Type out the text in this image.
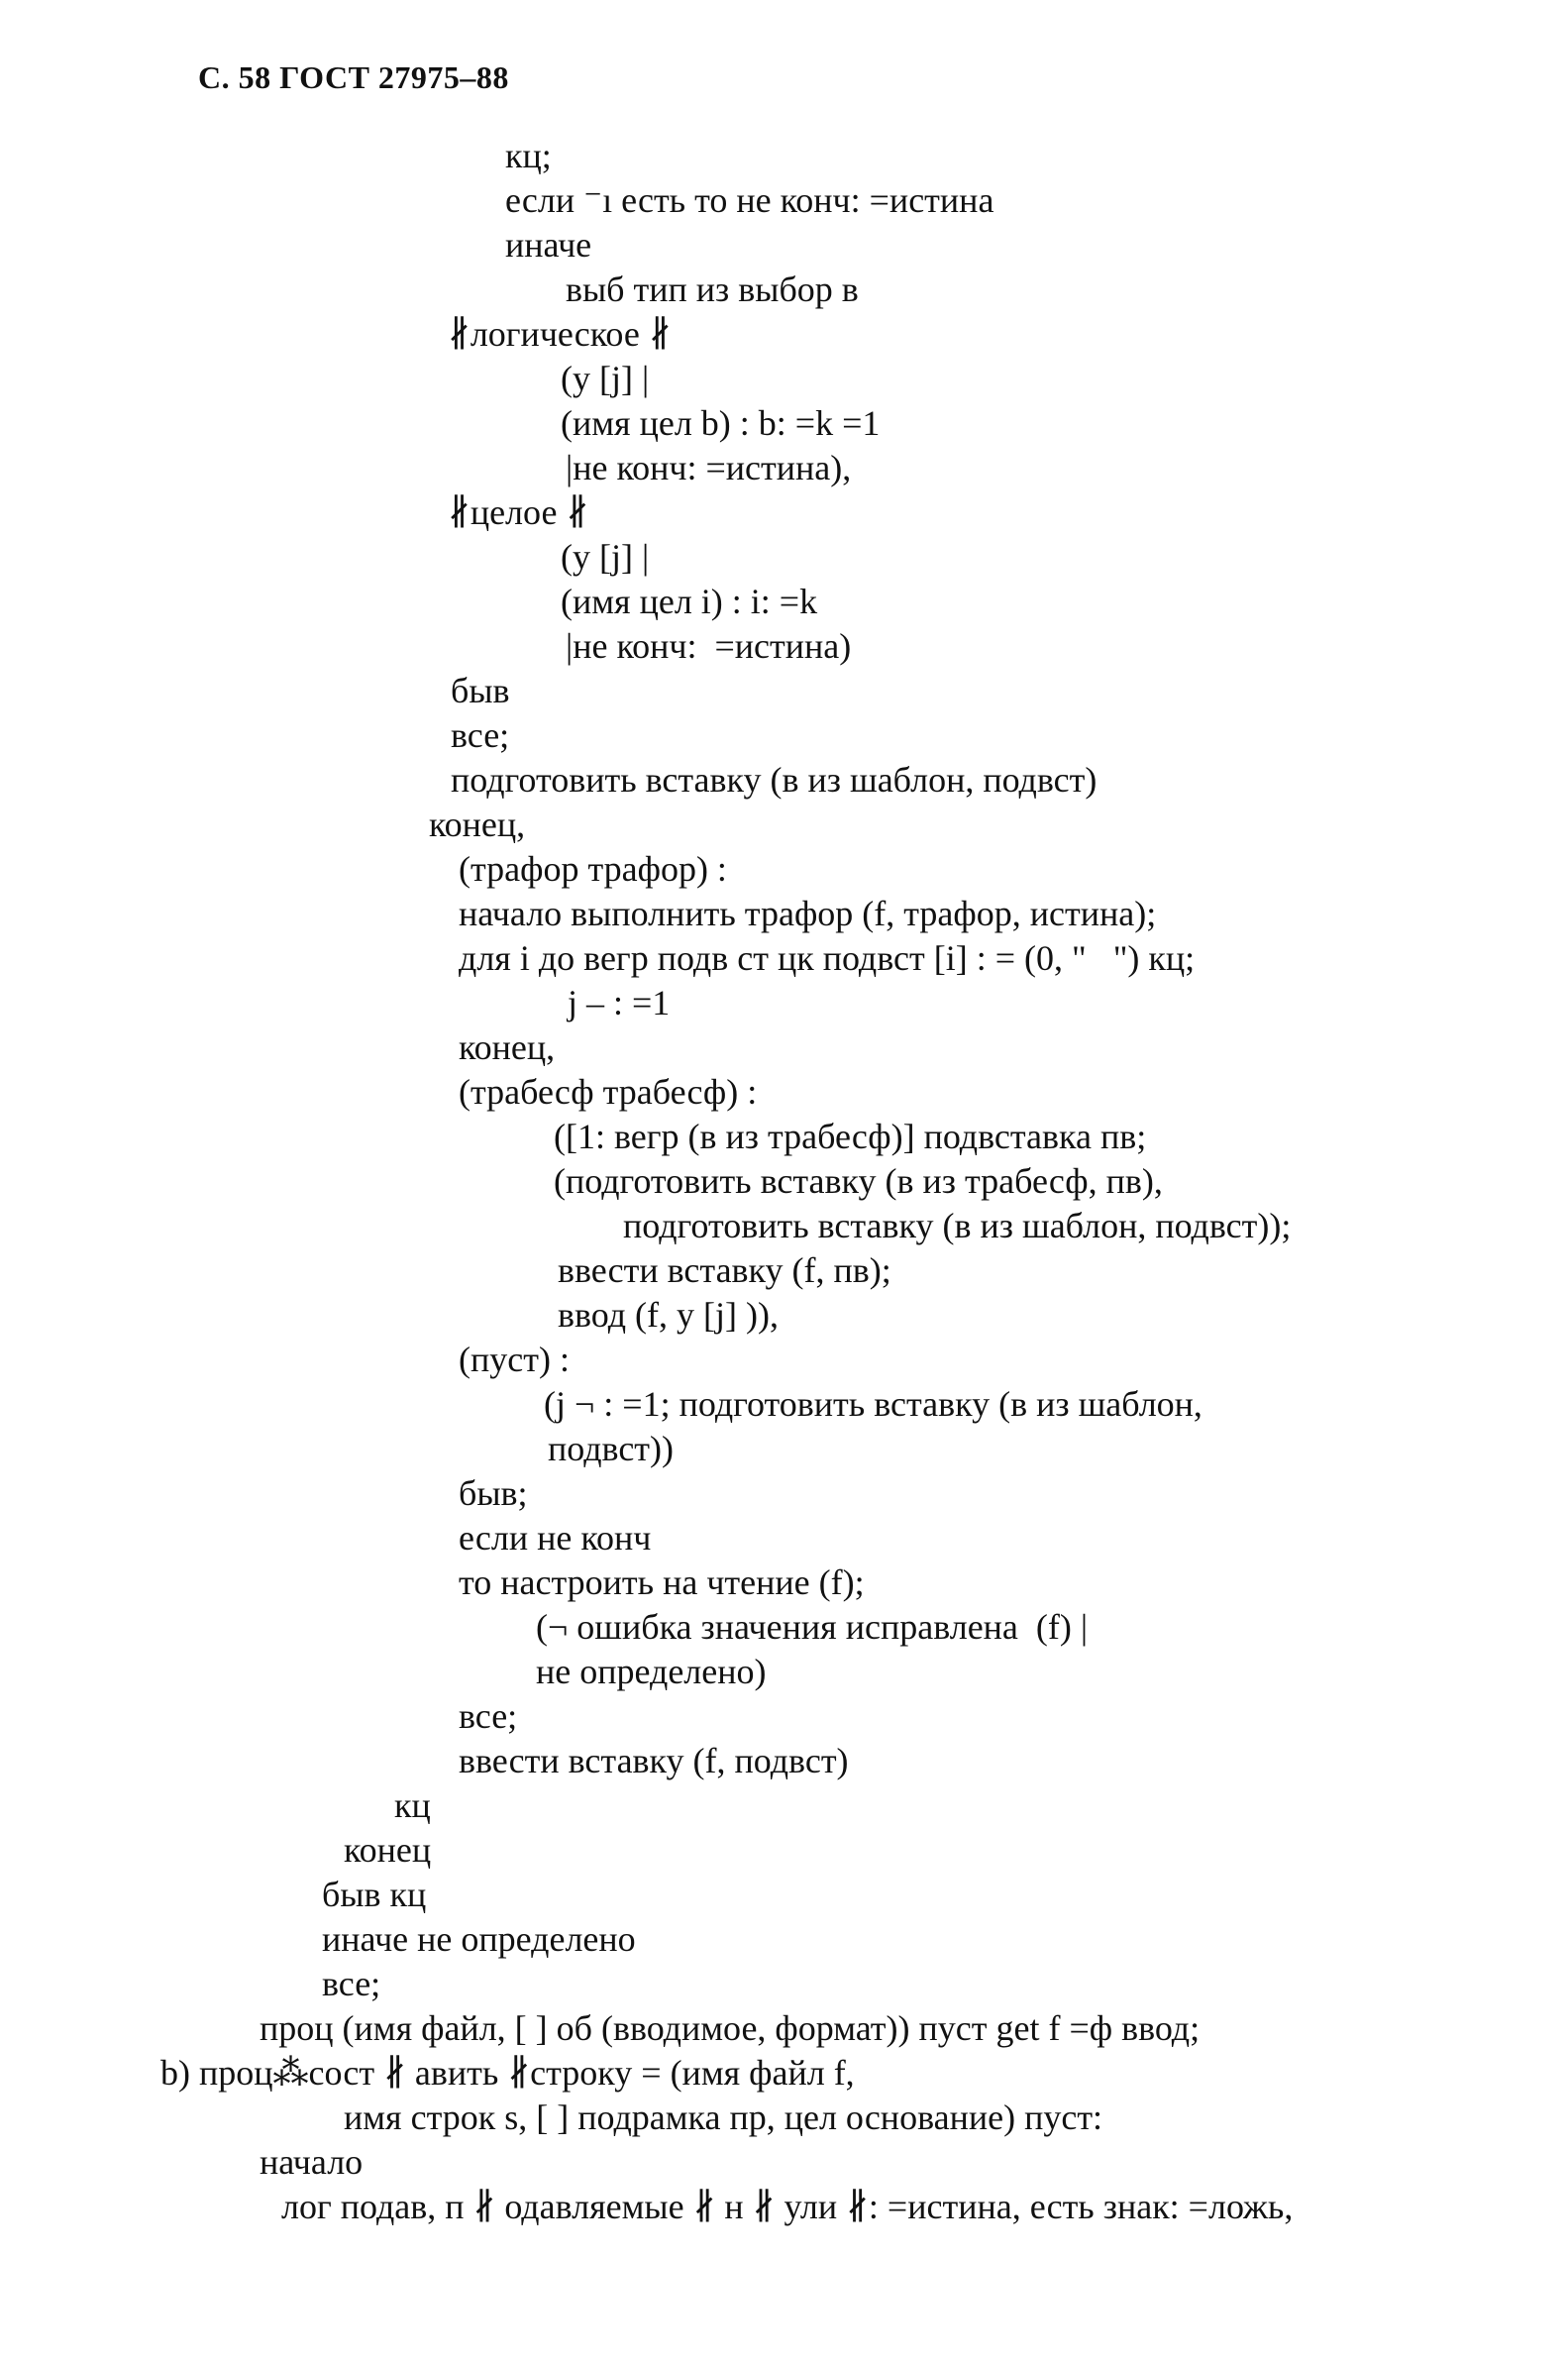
С. 58 ГОСТ 27975–88
кц;
если ⁻ı есть то не конч: =истина
иначе
выб тип из выбор в
∦логическое ∦
(у [j] |
(имя цел b) : b: =k =1
|не конч: =истина),
∦целое ∦
(у [j] |
(имя цел i) : i: =k
|не конч:  =истина)
быв
все;
подготовить вставку (в из шаблон, подвст)
конец,
(трафор трафор) :
начало выполнить трафор (f, трафор, истина);
для i до вегр подв ст цк подвст [i] : = (0, "   ") кц;
j – : =1
конец,
(трабесф трабесф) :
([1: вегр (в из трабесф)] подвставка пв;
(подготовить вставку (в из трабесф, пв),
подготовить вставку (в из шаблон, подвст));
ввести вставку (f, пв);
ввод (f, у [j] )),
(пуст) :
(j ¬ : =1; подготовить вставку (в из шаблон,
подвст))
быв;
если не конч
то настроить на чтение (f);
(¬ ошибка значения исправлена  (f) |
не определено)
все;
ввести вставку (f, подвст)
кц
конец
быв кц
иначе не определено
все;
проц (имя файл, [ ] об (вводимое, формат)) пуст get f =ф ввод;
b) проц⁂сост ∦ авить ∦строку = (имя файл f,
имя строк s, [ ] подрамка пр, цел основание) пуст:
начало
лог подав, п ∦ одавляемые ∦ н ∦ ули ∦: =истина, есть знак: =ложь,
